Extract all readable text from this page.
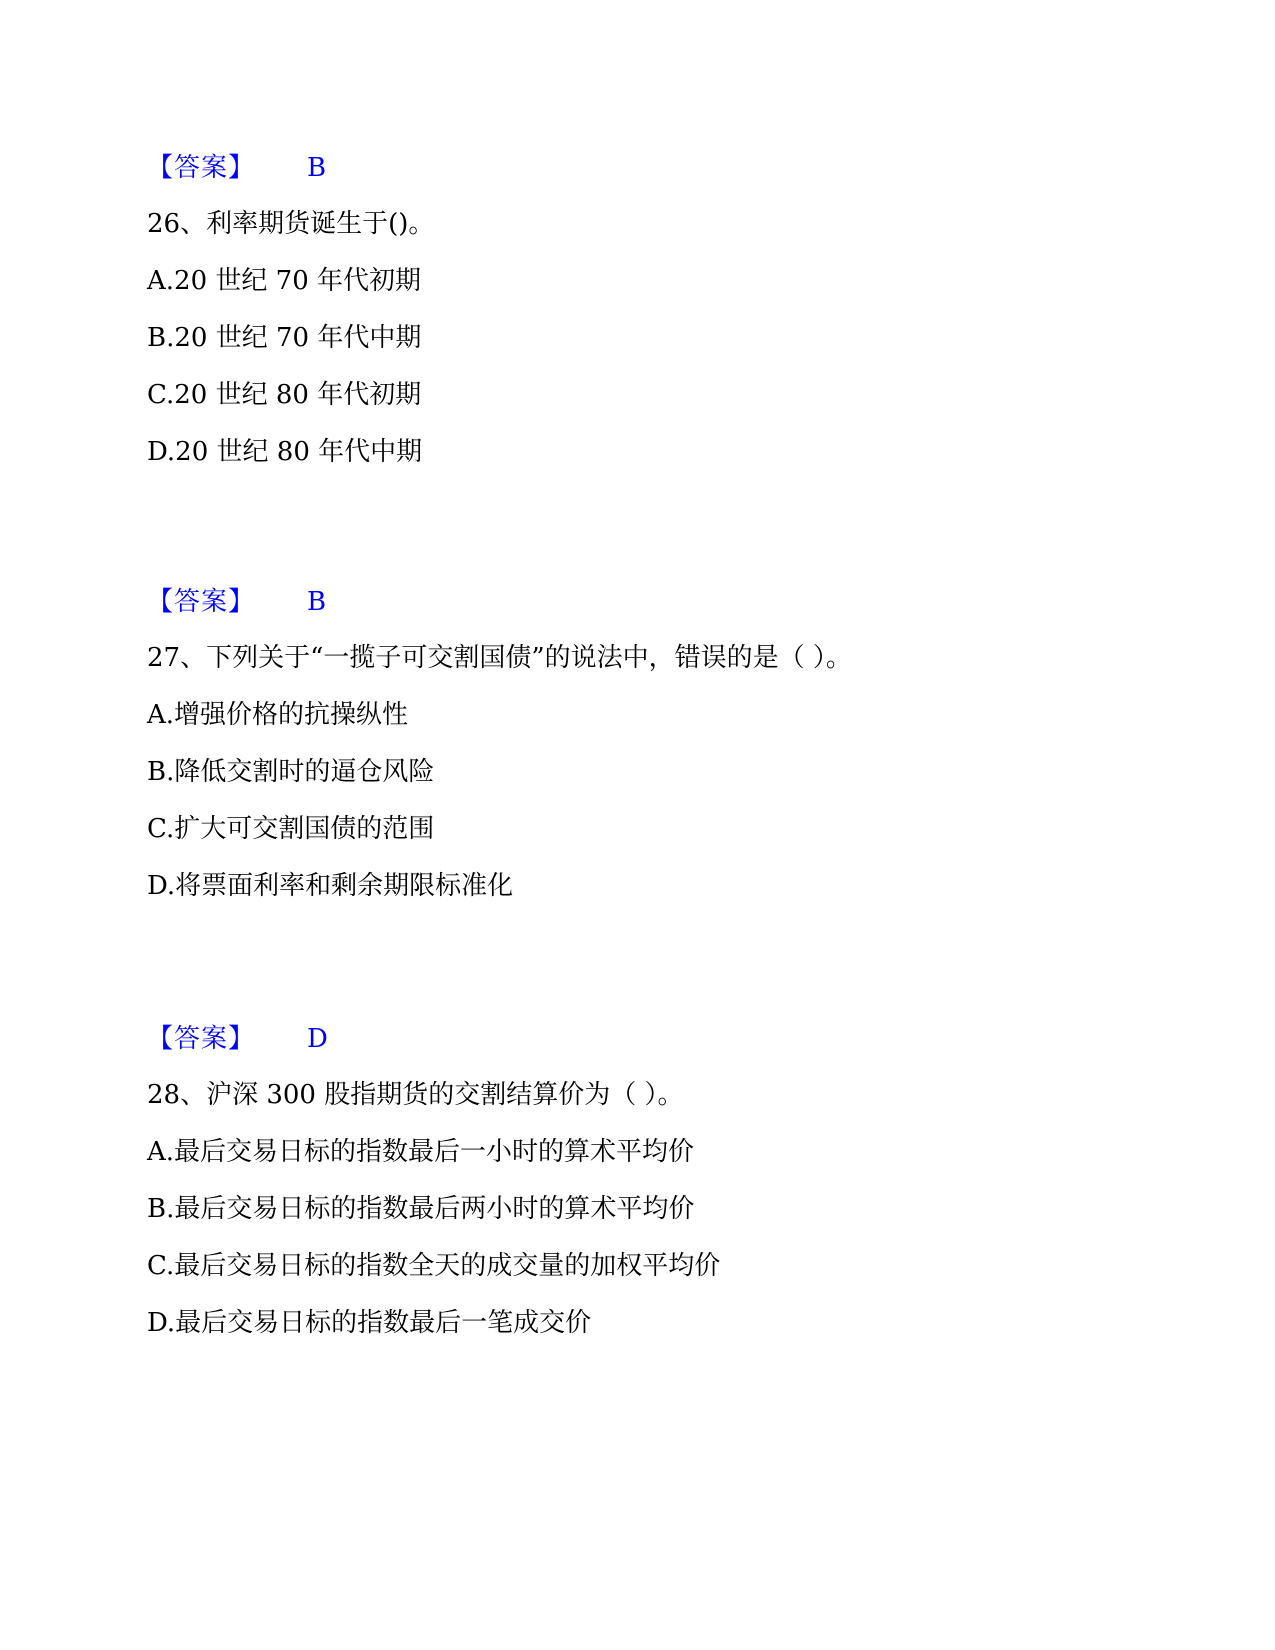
【答案】	B
26、利率期货诞生于()。
A.20 世纪 70 年代初期
B.20 世纪 70 年代中期
C.20 世纪 80 年代初期
D.20 世纪 80 年代中期
【答案】	B
27、下列关于“一揽子可交割国债”的说法中，错误的是（ ）。
A.增强价格的抗操纵性
B.降低交割时的逼仓风险
C.扩大可交割国债的范围
D.将票面利率和剩余期限标准化
【答案】	D
28、沪深 300 股指期货的交割结算价为（ ）。
A.最后交易日标的指数最后一小时的算术平均价
B.最后交易日标的指数最后两小时的算术平均价
C.最后交易日标的指数全天的成交量的加权平均价
D.最后交易日标的指数最后一笔成交价
